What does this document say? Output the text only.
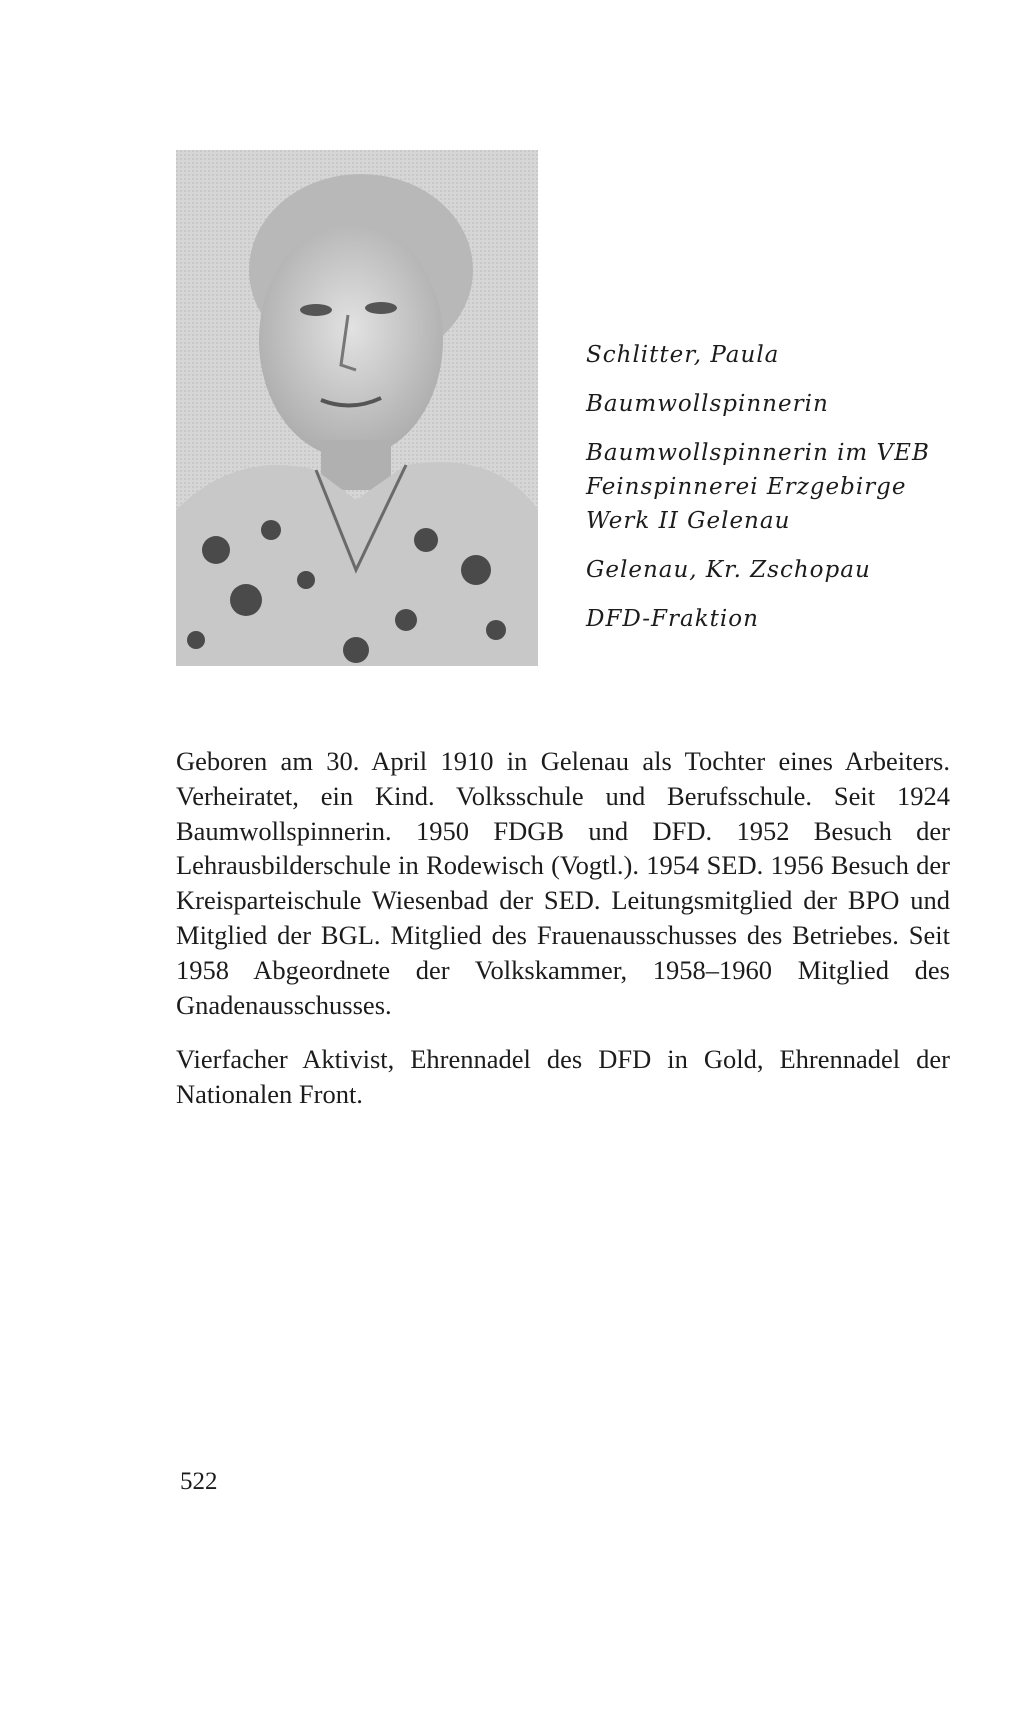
Schlitter, Paula
Baumwollspinnerin
Baumwollspinnerin im VEB
Feinspinnerei Erzgebirge
Werk II Gelenau
Gelenau, Kr. Zschopau
DFD-Fraktion

Geboren am 30. April 1910 in Gelenau als Tochter eines Arbeiters. Verheiratet, ein Kind. Volksschule und Berufsschule. Seit 1924 Baumwollspinnerin. 1950 FDGB und DFD. 1952 Besuch der Lehrausbilderschule in Rodewisch (Vogtl.). 1954 SED. 1956 Besuch der Kreisparteischule Wiesenbad der SED. Leitungsmitglied der BPO und Mitglied der BGL. Mitglied des Frauenausschusses des Betriebes. Seit 1958 Abgeordnete der Volkskammer, 1958–1960 Mitglied des Gnadenausschusses.

Vierfacher Aktivist, Ehrennadel des DFD in Gold, Ehrennadel der Nationalen Front.

522
